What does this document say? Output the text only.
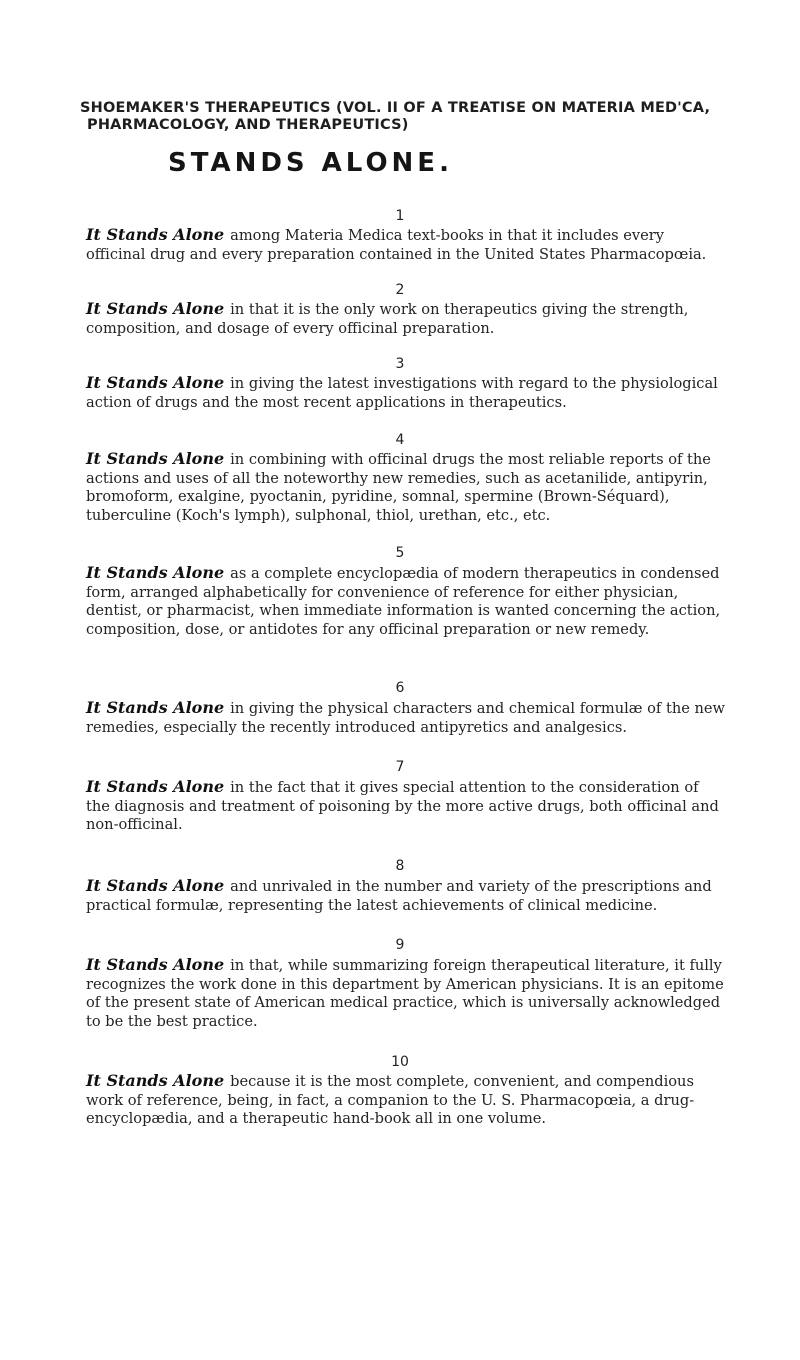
SHOEMAKER'S THERAPEUTICS (VOL. II OF A TREATISE ON MATERIA MED'CA,
PHARMACOLOGY, AND THERAPEUTICS)
STANDS ALONE.
1
It Stands Alone among Materia Medica text-books in that it includes every officinal drug and every preparation contained in the United States Pharmacopœia.
2
It Stands Alone in that it is the only work on therapeutics giving the strength, composition, and dosage of every officinal preparation.
3
It Stands Alone in giving the latest investigations with regard to the physiological action of drugs and the most recent applications in therapeutics.
4
It Stands Alone in combining with officinal drugs the most reliable reports of the actions and uses of all the noteworthy new remedies, such as acetanilide, antipyrin, bromoform, exalgine, pyoctanin, pyridine, somnal, spermine (Brown-Séquard), tuberculine (Koch's lymph), sulphonal, thiol, urethan, etc., etc.
5
It Stands Alone as a complete encyclopædia of modern therapeutics in condensed form, arranged alphabetically for convenience of reference for either physician, dentist, or pharmacist, when immediate information is wanted concerning the action, composition, dose, or antidotes for any officinal preparation or new remedy.
6
It Stands Alone in giving the physical characters and chemical formulæ of the new remedies, especially the recently introduced antipyretics and analgesics.
7
It Stands Alone in the fact that it gives special attention to the consideration of the diagnosis and treatment of poisoning by the more active drugs, both officinal and non-officinal.
8
It Stands Alone and unrivaled in the number and variety of the prescriptions and practical formulæ, representing the latest achievements of clinical medicine.
9
It Stands Alone in that, while summarizing foreign therapeutical literature, it fully recognizes the work done in this department by American physicians. It is an epitome of the present state of American medical practice, which is universally acknowledged to be the best practice.
10
It Stands Alone because it is the most complete, convenient, and compendious work of reference, being, in fact, a companion to the U. S. Pharmacopœia, a drug-encyclopædia, and a therapeutic hand-book all in one volume.
